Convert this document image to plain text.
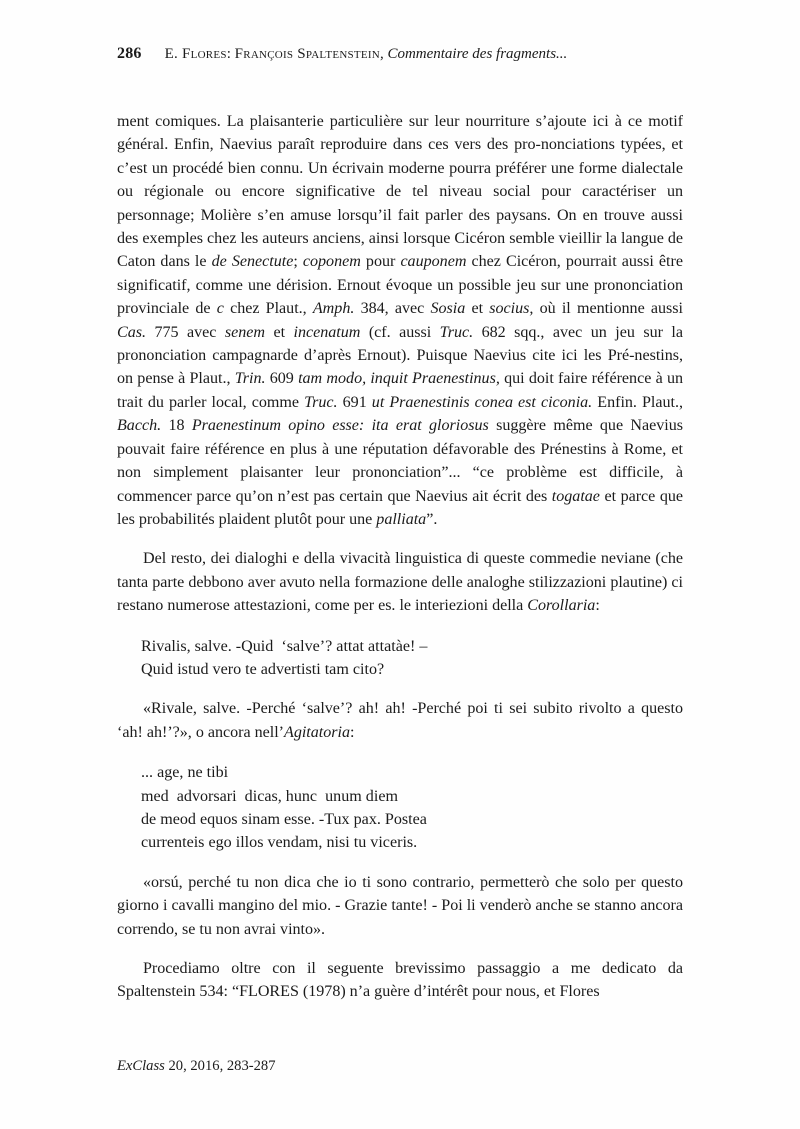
286 E. Flores: François Spaltenstein, Commentaire des fragments...

ment comiques. La plaisanterie particulière sur leur nourriture s’ajoute ici à ce motif général. Enfin, Naevius paraît reproduire dans ces vers des pro-nonciations typées, et c’est un procédé bien connu. Un écrivain moderne pourra préférer une forme dialectale ou régionale ou encore significative de tel niveau social pour caractériser un personnage; Molière s’en amuse lorsqu’il fait parler des paysans. On en trouve aussi des exemples chez les auteurs anciens, ainsi lorsque Cicéron semble vieillir la langue de Caton dans le de Senectute; coponem pour cauponem chez Cicéron, pourrait aussi être significatif, comme une dérision. Ernout évoque un possible jeu sur une prononciation provinciale de c chez Plaut., Amph. 384, avec Sosia et socius, où il mentionne aussi Cas. 775 avec senem et incenatum (cf. aussi Truc. 682 sqq., avec un jeu sur la prononciation campagnarde d’après Ernout). Puisque Naevius cite ici les Pré-nestins, on pense à Plaut., Trin. 609 tam modo, inquit Praenestinus, qui doit faire référence à un trait du parler local, comme Truc. 691 ut Praenestinis conea est ciconia. Enfin. Plaut., Bacch. 18 Praenestinum opino esse: ita erat gloriosus suggère même que Naevius pouvait faire référence en plus à une réputation défavorable des Prénestins à Rome, et non simplement plaisanter leur prononciation”... “ce problème est difficile, à commencer parce qu’on n’est pas certain que Naevius ait écrit des togatae et parce que les probabilités plaident plutôt pour une palliata”.

Del resto, dei dialoghi e della vivacità linguistica di queste commedie neviane (che tanta parte debbono aver avuto nella formazione delle analoghe stilizzazioni plautine) ci restano numerose attestazioni, come per es. le interiezioni della Corollaria:

Rivalis, salve. -Quid  ‘salve’? attat attatàe! –
Quid istud vero te advertisti tam cito?

«Rivale, salve. -Perché ‘salve’? ah! ah! -Perché poi ti sei subito rivolto a questo ‘ah! ah!’?», o ancora nell’Agitatoria:

... age, ne tibi
med  advorsari  dicas, hunc  unum diem
de meod equos sinam esse. -Tux pax. Postea
currenteis ego illos vendam, nisi tu viceris.

«orsú, perché tu non dica che io ti sono contrario, permetterò che solo per questo giorno i cavalli mangino del mio. - Grazie tante! - Poi li venderò anche se stanno ancora correndo, se tu non avrai vinto».

Procediamo oltre con il seguente brevissimo passaggio a me dedicato da Spaltenstein 534: “FLORES (1978) n’a guère d’intérêt pour nous, et Flores

ExClass 20, 2016, 283-287
